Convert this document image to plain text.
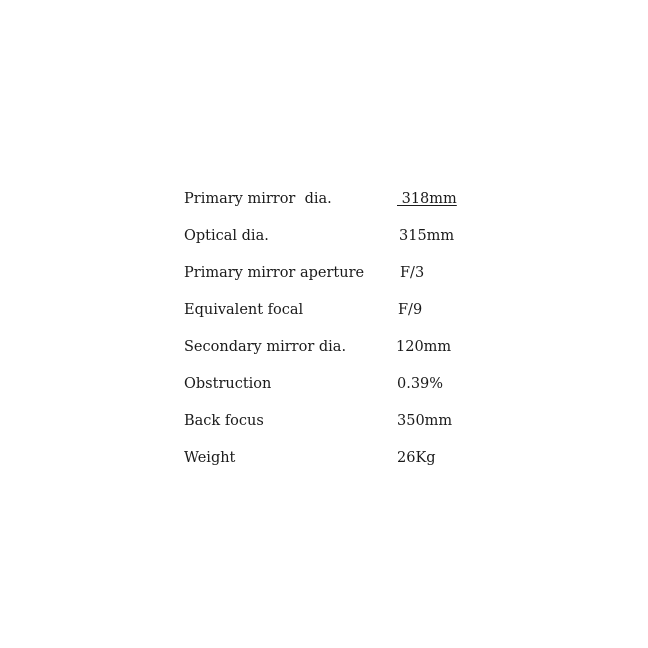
Primary mirror  dia.	318mm
Optical dia.	315mm
Primary mirror aperture F/3
Equivalent focal	F/9
Secondary mirror dia.	120mm
Obstruction	0.39%
Back focus	350mm
Weight	26Kg
